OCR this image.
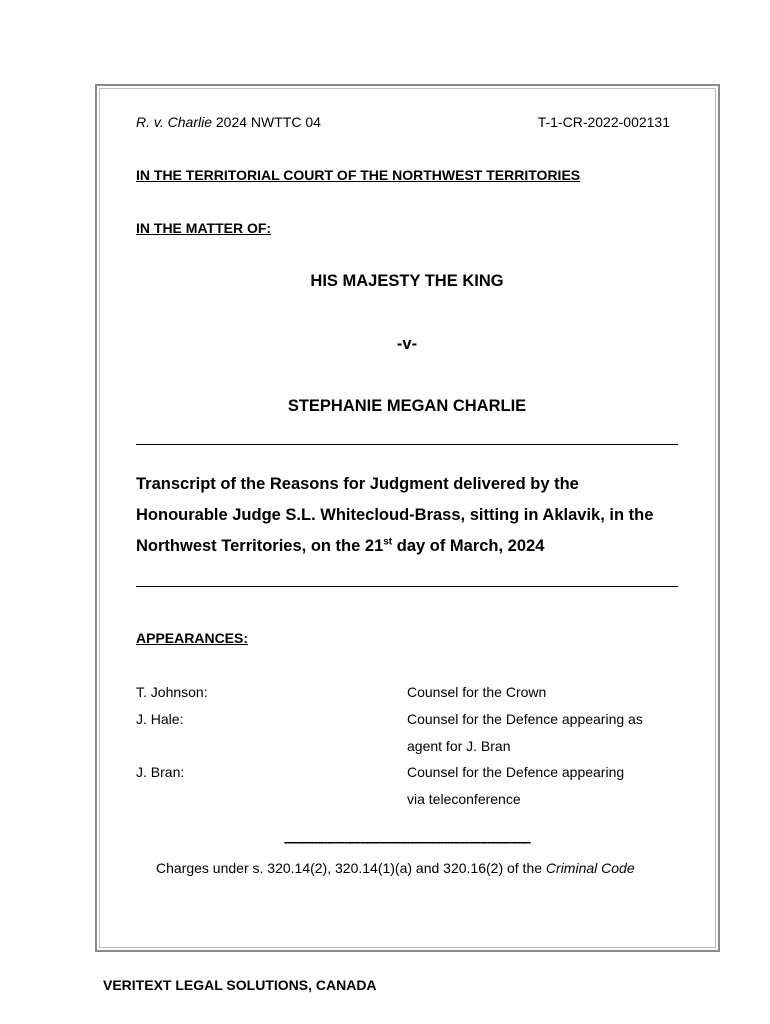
R. v. Charlie 2024 NWTTC 04	T-1-CR-2022-002131
IN THE TERRITORIAL COURT OF THE NORTHWEST TERRITORIES
IN THE MATTER OF:
HIS MAJESTY THE KING
-v-
STEPHANIE MEGAN CHARLIE
Transcript of the Reasons for Judgment delivered by the
Honourable Judge S.L. Whitecloud-Brass, sitting in Aklavik, in the
Northwest Territories, on the 21st day of March, 2024
APPEARANCES:
T. Johnson:	Counsel for the Crown
J. Hale:	Counsel for the Defence appearing as
agent for J. Bran
J. Bran:	Counsel for the Defence appearing
via teleconference
--------------------------------------------------------------------------
Charges under s. 320.14(2), 320.14(1)(a) and 320.16(2) of the Criminal Code
VERITEXT LEGAL SOLUTIONS, CANADA
